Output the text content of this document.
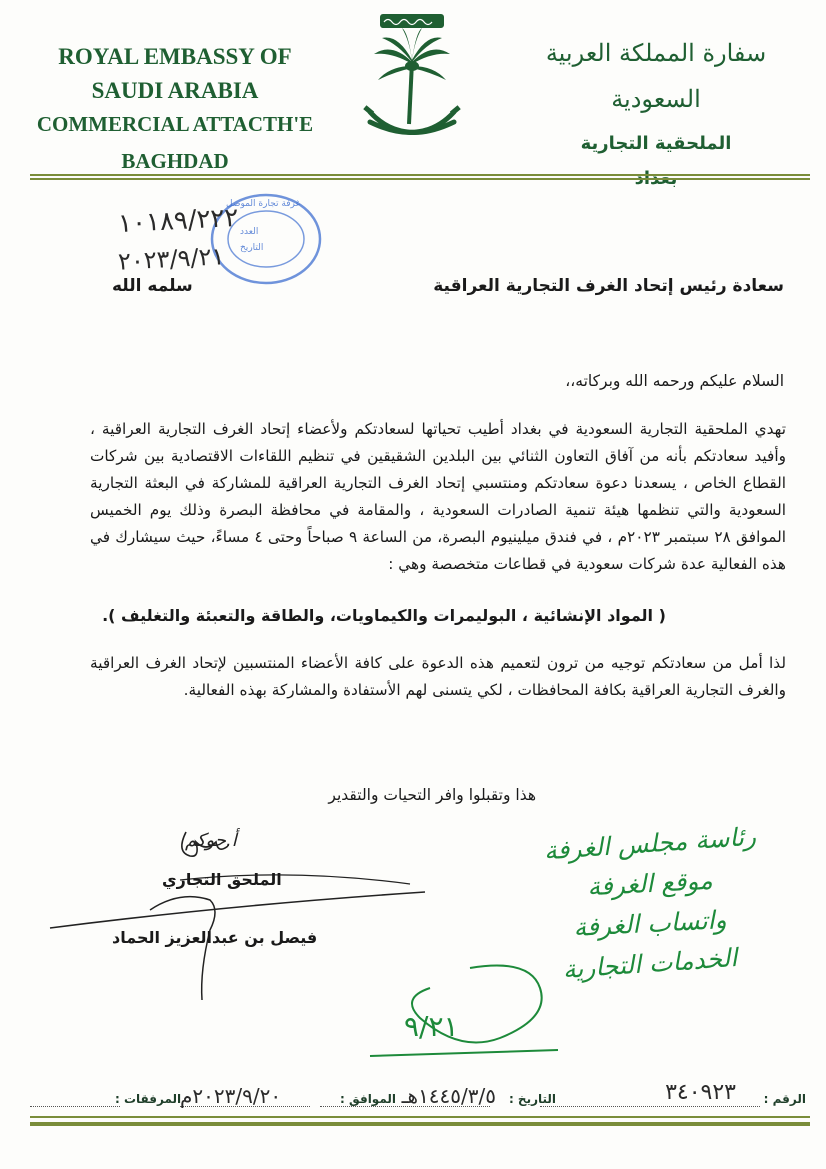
ROYAL EMBASSY OF SAUDI ARABIA
COMMERCIAL ATTACTH'E
BAGHDAD
سفارة المملكة العربية السعودية
الملحقية التجارية
بغداد
العدد
التاريخ
غرفة تجارة الموصل
١٠١٨٩/٢٢٢
٢٠٢٣/٩/٢١
سعادة رئيس إتحاد الغرف التجارية العراقية
سلمه الله
السلام عليكم ورحمه الله وبركاته،،
تهدي الملحقية التجارية السعودية في بغداد أطيب تحياتها لسعادتكم ولأعضاء إتحاد الغرف التجارية العراقية ، وأفيد سعادتكم بأنه من آفاق التعاون الثنائي بين البلدين الشقيقين في تنظيم اللقاءات الاقتصادية بين شركات القطاع الخاص ، يسعدنا دعوة سعادتكم ومنتسبي إتحاد الغرف التجارية العراقية للمشاركة في البعثة التجارية السعودية والتي تنظمها هيئة تنمية الصادرات السعودية ، والمقامة في محافظة البصرة وذلك يوم الخميس الموافق ٢٨ سبتمبر ٢٠٢٣م ، في فندق ميلينيوم البصرة، من الساعة ٩ صباحاً وحتى ٤ مساءً، حيث سيشارك في هذه الفعالية عدة شركات سعودية في قطاعات متخصصة وهي :
( المواد الإنشائية ، البوليمرات والكيماويات، والطاقة والتعبئة والتغليف ).
لذا أمل من سعادتكم توجيه من ترون لتعميم هذه الدعوة على كافة الأعضاء المنتسبين لإتحاد الغرف العراقية والغرف التجارية العراقية بكافة المحافظات ، لكي يتسنى لهم الأستفادة والمشاركة بهذه الفعالية.
هذا وتقبلوا وافر التحيات والتقدير
أ.حوكم
الملحق التجاري
فيصل بن عبدالعزيز الحماد
رئاسة مجلس الغرفة
موقع الغرفة
واتساب الغرفة
الخدمات التجارية
٩/٢١
الرقم :
٣٤٠٩٢٣
التاريخ :
١٤٤٥/٣/٥هـ
الموافق :
٢٠٢٣/٩/٢٠م
المرفقات :
